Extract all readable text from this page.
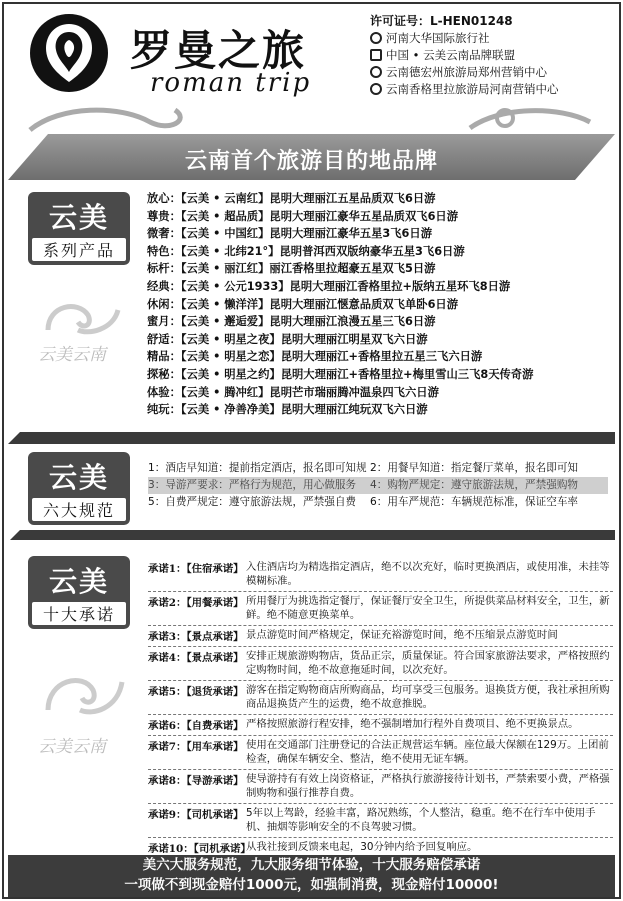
罗曼之旅
roman trip
许可证号：L-HEN01248
河南大华国际旅行社
中国 • 云美云南品牌联盟
云南德宏州旅游局郑州营销中心
云南香格里拉旅游局河南营销中心
云南首个旅游目的地品牌
云美
系列产品
云美云南
放心：【云美 • 云南红】昆明大理丽江五星品质双飞6日游
尊贵：【云美 • 超品质】昆明大理丽江豪华五星品质双飞6日游
微奢：【云美 • 中国红】昆明大理丽江豪华五星3飞6日游
特色：【云美 • 北纬21°】昆明普洱西双版纳豪华五星3飞6日游
标杆：【云美 • 丽江红】丽江香格里拉超豪五星双飞5日游
经典：【云美 • 公元1933】昆明大理丽江香格里拉+版纳五星环飞8日游
休闲：【云美 • 懒洋洋】昆明大理丽江惬意品质双飞单卧6日游
蜜月：【云美 • 邂逅爱】昆明大理丽江浪漫五星三飞6日游
舒适：【云美 • 明星之夜】昆明大理丽江明星双飞六日游
精品：【云美 • 明星之恋】昆明大理丽江+香格里拉五星三飞六日游
探秘：【云美 • 明星之约】昆明大理丽江+香格里拉+梅里雪山三飞8天传奇游
体验：【云美 • 腾冲红】昆明芒市瑞丽腾冲温泉四飞六日游
纯玩：【云美 • 净善净美】昆明大理丽江纯玩双飞六日游
云美
六大规范
1：酒店早知道：提前指定酒店，报名即可知规 2：用餐早知道：指定餐厅菜单，报名即可知
3：导游严要求：严格行为规范，用心做服务	4：购物严规定：遵守旅游法规，严禁强购物
5：自费严规定：遵守旅游法规，严禁强自费	6：用车严规范：车辆规范标准，保证空车率
云美
十大承诺
云美云南
承诺1：【住宿承诺】 入住酒店均为精选指定酒店，绝不以次充好，临时更换酒店，或使用准，未挂等模糊标准。
承诺2：【用餐承诺】 所用餐厅为挑选指定餐厅，保证餐厅安全卫生，所提供菜品材料安全，卫生，新鲜。绝不随意更换菜单。
承诺3：【景点承诺】 景点游览时间严格规定，保证充裕游览时间，绝不压缩景点游览时间
承诺4：【景点承诺】 安排正规旅游购物店，货品正宗，质量保证。符合国家旅游法要求，严格按照约定购物时间，绝不故意拖延时间，以次充好。
承诺5：【退货承诺】 游客在指定购物商店所购商品，均可享受三包服务。退换货方便，我社承担所购商品退换货产生的运费，绝不故意推脱。
承诺6：【自费承诺】 严格按照旅游行程安排，绝不强制增加行程外自费项目、绝不更换景点。
承诺7：【用车承诺】 使用在交通部门注册登记的合法正规营运车辆。座位最大保额在129万。上团前检查，确保车辆安全、整洁，绝不使用无证车辆。
承诺8：【导游承诺】 使导游持有有效上岗资格证，严格执行旅游接待计划书，严禁索要小费，严格强制购物和强行推荐自费。
承诺9：【司机承诺】 5年以上驾龄，经验丰富，路况熟练，个人整洁，稳重。绝不在行车中使用手机、抽烟等影响安全的不良驾驶习惯。
承诺10：【司机承诺】
从我社接到反馈来电起，30分钟内给予回复响应。
美六大服务规范，九大服务细节体验，十大服务赔偿承诺
一项做不到现金赔付1000元，如强制消费，现金赔付10000!
